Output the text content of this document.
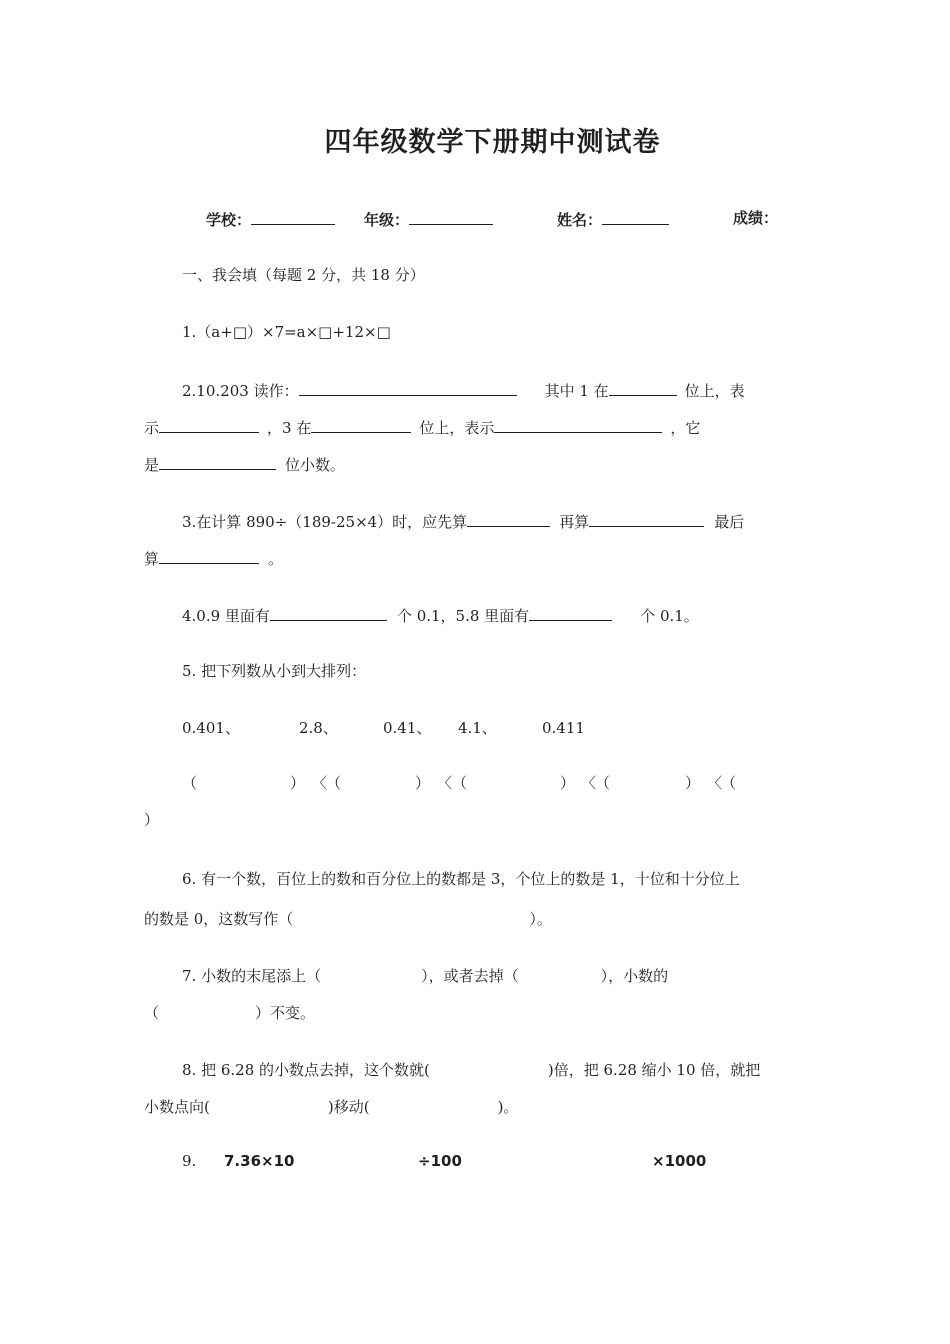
四年级数学下册期中测试卷
学校：	年级：	姓名：	成绩：
一、我会填（每题 2 分，共 18 分）
1.（a+□）×7=a×□+12×□
2.10.203 读作：	其中 1 在	位上，表
示	，3 在	位上，表示	，它
是	位小数。
3.在计算 890÷（189-25×4）时，应先算	再算	最后
算	。
4.0.9 里面有	个 0.1，5.8 里面有	个 0.1。
5. 把下列数从小到大排列：
0.401、	2.8、	0.41、 4.1、	0.411
（	） 〈
（	） 〈 （	） 〈
（	） 〈
（
）
6. 有一个数，百位上的数和百分位上的数都是 3，个位上的数是 1，十位和十分位上
的数是 0，这数写作（	）。
7. 小数的末尾添上（	），或者去掉（	），小数的
（	）不变。
8. 把 6.28 的小数点去掉，这个数就(	)倍，把 6.28 缩小 10 倍，就把
小数点向(	)移动(	)。
9. 7.36×10	÷100	×1000
